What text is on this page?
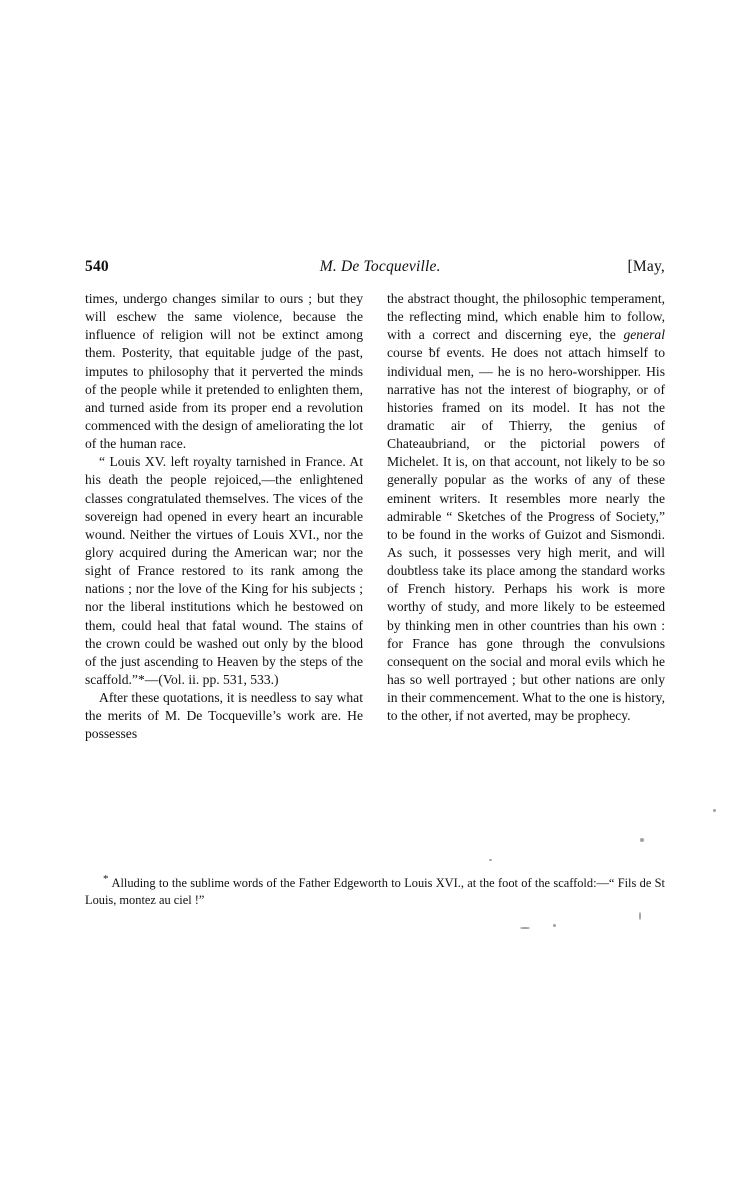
540	M. De Tocqueville.	[May,

times, undergo changes similar to ours ; but they will eschew the same violence, because the influence of religion will not be extinct among them. Posterity, that equitable judge of the past, imputes to philosophy that it perverted the minds of the people while it pretended to enlighten them, and turned aside from its proper end a revolution commenced with the design of ameliorating the lot of the human race.

“ Louis XV. left royalty tarnished in France. At his death the people rejoiced,—the enlightened classes congratulated themselves. The vices of the sovereign had opened in every heart an incurable wound. Neither the virtues of Louis XVI., nor the glory acquired during the American war; nor the sight of France restored to its rank among the nations ; nor the love of the King for his subjects ; nor the liberal institutions which he bestowed on them, could heal that fatal wound. The stains of the crown could be washed out only by the blood of the just ascending to Heaven by the steps of the scaffold.”*—(Vol. ii. pp. 531, 533.)

After these quotations, it is needless to say what the merits of M. De Tocqueville’s work are. He possesses

the abstract thought, the philosophic temperament, the reflecting mind, which enable him to follow, with a correct and discerning eye, the general course ƀf events. He does not attach himself to individual men, — he is no hero-worshipper. His narrative has not the interest of biography, or of histories framed on its model. It has not the dramatic air of Thierry, the genius of Chateaubriand, or the pictorial powers of Michelet. It is, on that account, not likely to be so generally popular as the works of any of these eminent writers. It resembles more nearly the admirable “ Sketches of the Progress of Society,” to be found in the works of Guizot and Sismondi. As such, it possesses very high merit, and will doubtless take its place among the standard works of French history. Perhaps his work is more worthy of study, and more likely to be esteemed by thinking men in other countries than his own : for France has gone through the convulsions consequent on the social and moral evils which he has so well portrayed ; but other nations are only in their commencement. What to the one is history, to the other, if not averted, may be prophecy.

* Alluding to the sublime words of the Father Edgeworth to Louis XVI., at the foot of the scaffold:—“ Fils de St Louis, montez au ciel !”
